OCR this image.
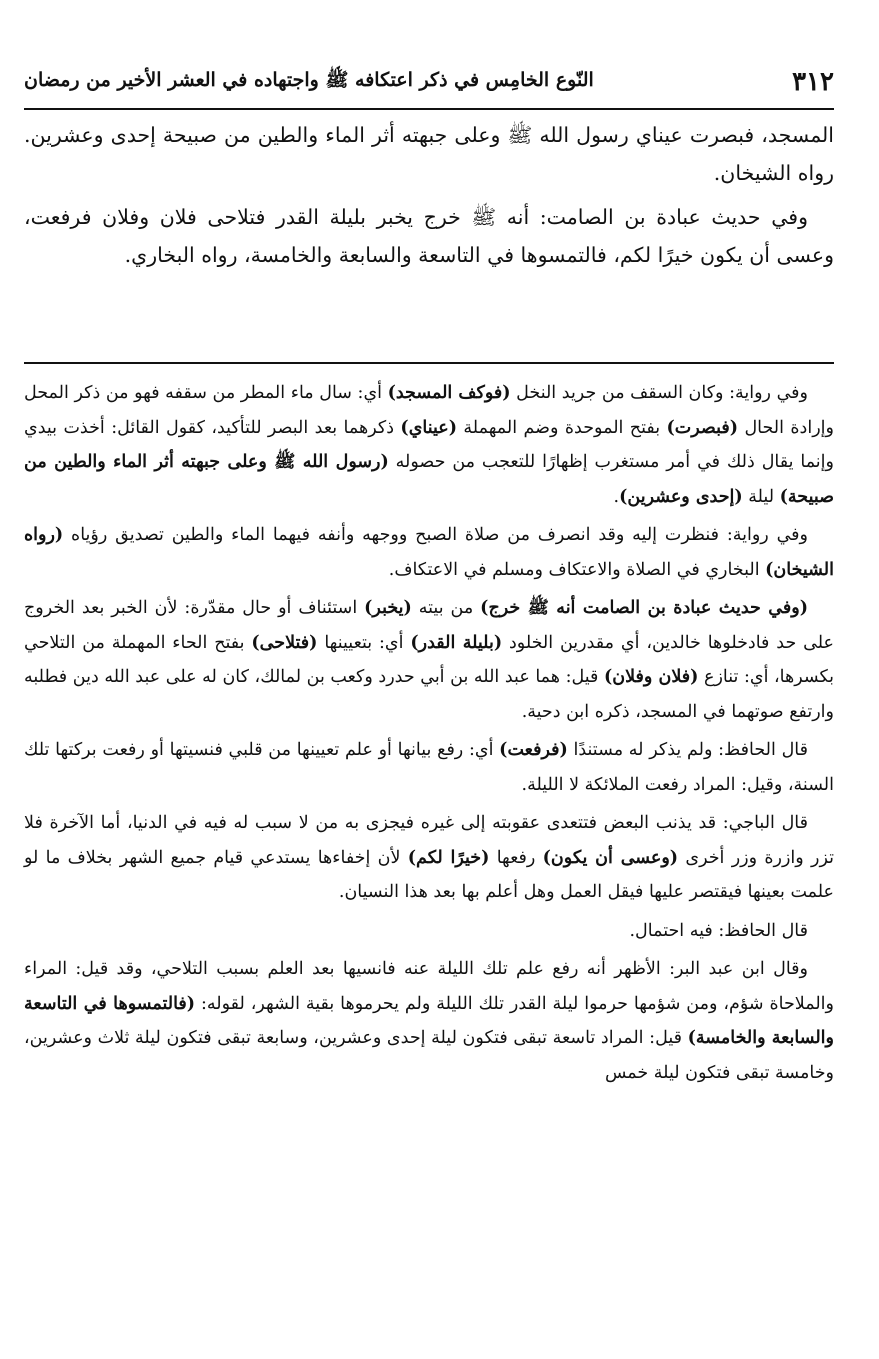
٣١٢
النّوع الخامِس في ذكر اعتكافه ﷺ واجتهاده في العشر الأخير من رمضان

المسجد، فبصرت عيناي رسول الله ﷺ وعلى جبهته أثر الماء والطين من صبيحة إحدى وعشرين. رواه الشيخان.

وفي حديث عبادة بن الصامت: أنه ﷺ خرج يخبر بليلة القدر فتلاحى فلان وفلان فرفعت، وعسى أن يكون خيرًا لكم، فالتمسوها في التاسعة والسابعة والخامسة، رواه البخاري.

وفي رواية: وكان السقف من جريد النخل (فوكف المسجد) أي: سال ماء المطر من سقفه فهو من ذكر المحل وإرادة الحال (فبصرت) بفتح الموحدة وضم المهملة (عيناي) ذكرهما بعد البصر للتأكيد، كقول القائل: أخذت بيدي وإنما يقال ذلك في أمر مستغرب إظهارًا للتعجب من حصوله (رسول الله ﷺ وعلى جبهته أثر الماء والطين من صبيحة) ليلة (إحدى وعشرين).

وفي رواية: فنظرت إليه وقد انصرف من صلاة الصبح ووجهه وأنفه فيهما الماء والطين تصديق رؤياه (رواه الشيخان) البخاري في الصلاة والاعتكاف ومسلم في الاعتكاف.

(وفي حديث عبادة بن الصامت أنه ﷺ خرج) من بيته (يخبر) استئناف أو حال مقدّرة: لأن الخبر بعد الخروج على حد فادخلوها خالدين، أي مقدرين الخلود (بليلة القدر) أي: بتعيينها (فتلاحى) بفتح الحاء المهملة من التلاحي بكسرها، أي: تنازع (فلان وفلان) قيل: هما عبد الله بن أبي حدرد وكعب بن لمالك، كان له على عبد الله دين فطلبه وارتفع صوتهما في المسجد، ذكره ابن دحية.

قال الحافظ: ولم يذكر له مستندًا (فرفعت) أي: رفع بيانها أو علم تعيينها من قلبي فنسيتها أو رفعت بركتها تلك السنة، وقيل: المراد رفعت الملائكة لا الليلة.

قال الباجي: قد يذنب البعض فتتعدى عقوبته إلى غيره فيجزى به من لا سبب له فيه في الدنيا، أما الآخرة فلا تزر وازرة وزر أخرى (وعسى أن يكون) رفعها (خيرًا لكم) لأن إخفاءها يستدعي قيام جميع الشهر بخلاف ما لو علمت بعينها فيقتصر عليها فيقل العمل وهل أعلم بها بعد هذا النسيان.

قال الحافظ: فيه احتمال.

وقال ابن عبد البر: الأظهر أنه رفع علم تلك الليلة عنه فانسيها بعد العلم بسبب التلاحي، وقد قيل: المراء والملاحاة شؤم، ومن شؤمها حرموا ليلة القدر تلك الليلة ولم يحرموها بقية الشهر، لقوله: (فالتمسوها في التاسعة والسابعة والخامسة) قيل: المراد تاسعة تبقى فتكون ليلة إحدى وعشرين، وسابعة تبقى فتكون ليلة ثلاث وعشرين، وخامسة تبقى فتكون ليلة خمس
